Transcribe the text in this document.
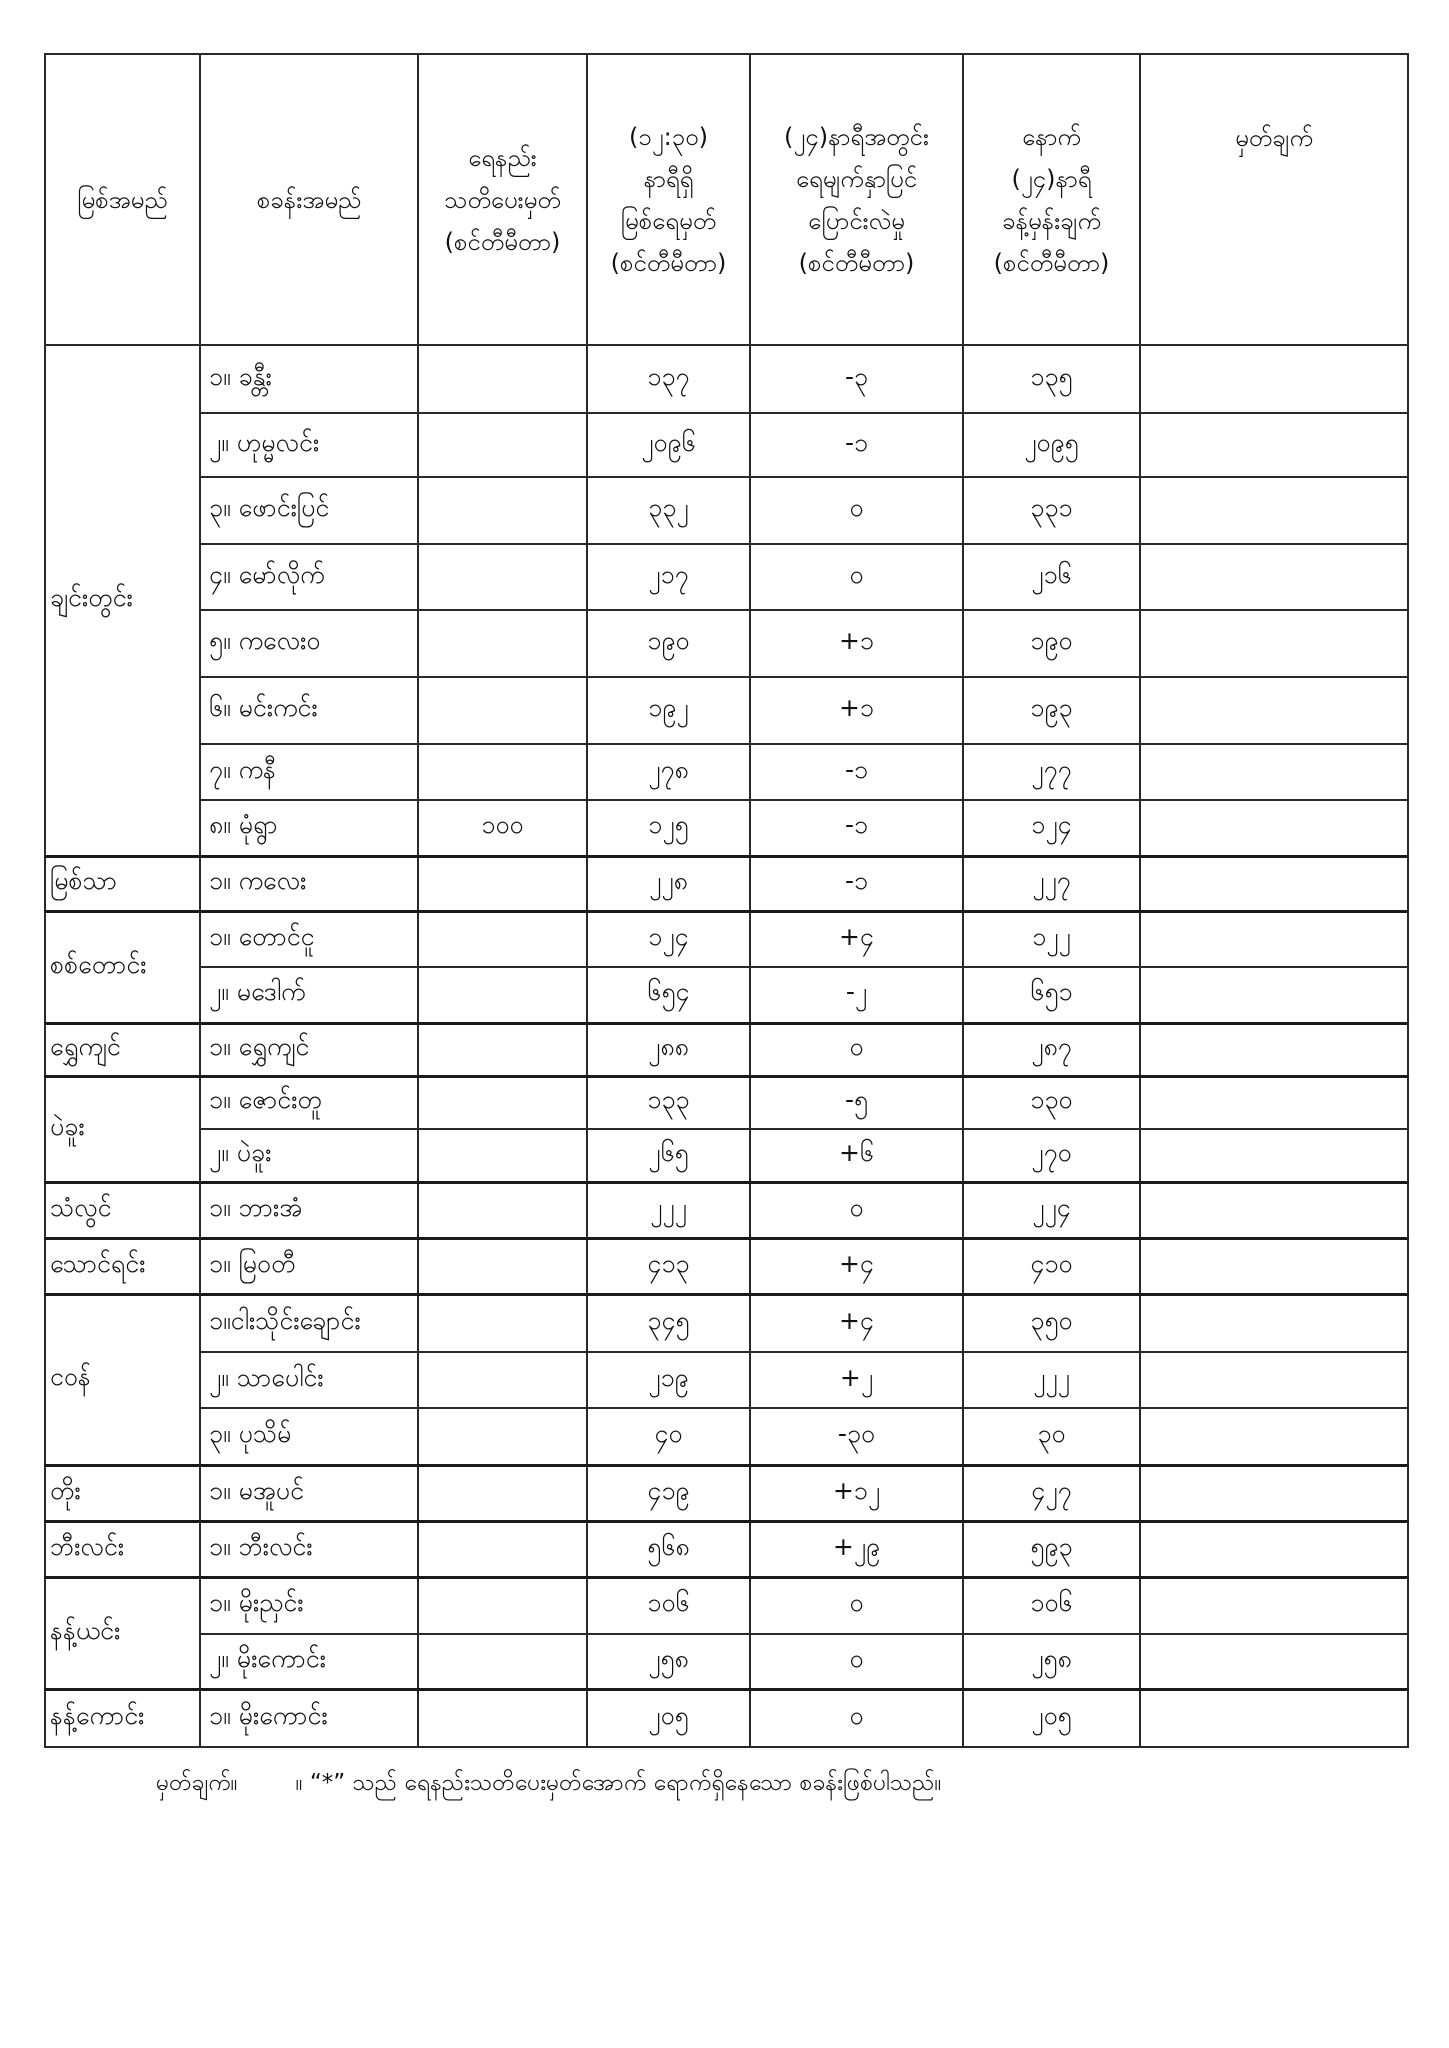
မြစ်အမည်	စခန်းအမည်	ရေနည်း
သတိပေးမှတ်
(စင်တီမီတာ)	(၁၂:၃၀)
နာရီရှိ
မြစ်ရေမှတ်
(စင်တီမီတာ)	(၂၄)နာရီအတွင်း
ရေမျက်နှာပြင်
ပြောင်းလဲမှု
(စင်တီမီတာ)	နောက်
(၂၄)နာရီ
ခန့်မှန်းချက်
(စင်တီမီတာ)	မှတ်ချက်

ချင်းတွင်း	၁။ ခန္တီး		၁၃၇	-၃	၁၃၅	
	၂။ ဟုမ္မလင်း		၂၀၉၆	-၁	၂၀၉၅	
	၃။ ဖောင်းပြင်		၃၃၂	၀	၃၃၁	
	၄။ မော်လိုက်		၂၁၇	၀	၂၁၆	
	၅။ ကလေးဝ		၁၉၀	+၁	၁၉၀	
	၆။ မင်းကင်း		၁၉၂	+၁	၁၉၃	
	၇။ ကနီ		၂၇၈	-၁	၂၇၇	
	၈။ မုံရွာ	၁၀၀	၁၂၅	-၁	၁၂၄	
မြစ်သာ	၁။ ကလေး		၂၂၈	-၁	၂၂၇	
စစ်တောင်း	၁။ တောင်ငူ		၁၂၄	+၄	၁၂၂	
	၂။ မဒေါက်		၆၅၄	-၂	၆၅၁	
ရွှေကျင်	၁။ ရွှေကျင်		၂၈၈	၀	၂၈၇	
ပဲခူး	၁။ ဇောင်းတူ		၁၃၃	-၅	၁၃၀	
	၂။ ပဲခူး		၂၆၅	+၆	၂၇၀	
သံလွင်	၁။ ဘားအံ		၂၂၂	၀	၂၂၄	
သောင်ရင်း	၁။ မြဝတီ		၄၁၃	+၄	၄၁၀	
ငဝန်	၁။ငါးသိုင်းချောင်း		၃၄၅	+၄	၃၅၀	
	၂။ သာပေါင်း		၂၁၉	+၂	၂၂၂	
	၃။ ပုသိမ်		၄၀	-၃၀	၃၀	
တိုး	၁။ မအူပင်		၄၁၉	+၁၂	၄၂၇	
ဘီးလင်း	၁။ ဘီးလင်း		၅၆၈	+၂၉	၅၉၃	
နန့်ယင်း	၁။ မိုးညှင်း		၁၀၆	၀	၁၀၆	
	၂။ မိုးကောင်း		၂၅၈	၀	၂၅၈	
နန့်ကောင်း	၁။ မိုးကောင်း		၂၀၅	၀	၂၀၅	
မှတ်ချက်။	။ “*” သည် ရေနည်းသတိပေးမှတ်အောက် ရောက်ရှိနေသော စခန်းဖြစ်ပါသည်။
